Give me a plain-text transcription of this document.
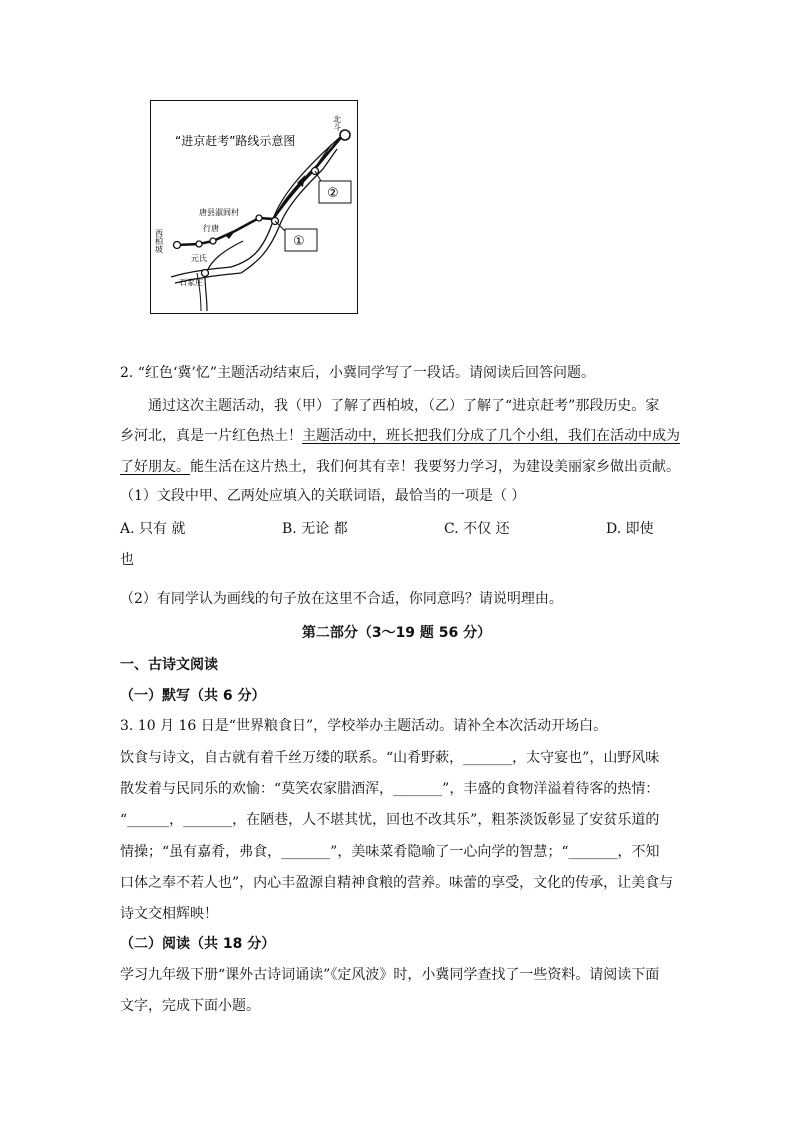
“进京赶考”路线示意图
北斗
西柏坡
元氏
行唐
唐县淑闾村
石家庄
①
②
2. “红色‘冀’忆”主题活动结束后，小冀同学写了一段话。请阅读后回答问题。
通过这次主题活动，我（甲）了解了西柏坡，（乙）了解了“进京赶考”那段历史。家
乡河北，真是一片红色热土！主题活动中，班长把我们分成了几个小组，我们在活动中成为
了好朋友。能生活在这片热土，我们何其有幸！我要努力学习，为建设美丽家乡做出贡献。
（1）文段中甲、乙两处应填入的关联词语，最恰当的一项是（ ）
A. 只有 就	B. 无论 都	C. 不仅 还	D. 即使
也
（2）有同学认为画线的句子放在这里不合适，你同意吗？请说明理由。
第二部分（3～19 题 56 分）
一、古诗文阅读
（一）默写（共 6 分）
3. 10 月 16 日是“世界粮食日”，学校举办主题活动。请补全本次活动开场白。
饮食与诗文，自古就有着千丝万缕的联系。“山肴野蔌，_______，太守宴也”，山野风味
散发着与民同乐的欢愉：“莫笑农家腊酒浑，_______”，丰盛的食物洋溢着待客的热情：
“______，_______，在陋巷，人不堪其忧，回也不改其乐”，粗茶淡饭彰显了安贫乐道的
情操；“虽有嘉肴，弗食，_______”，美味菜肴隐喻了一心向学的智慧；“_______，不知
口体之奉不若人也”，内心丰盈源自精神食粮的营养。味蕾的享受，文化的传承，让美食与
诗文交相辉映！
（二）阅读（共 18 分）
学习九年级下册“课外古诗词诵读”《定风波》时，小冀同学查找了一些资料。请阅读下面
文字，完成下面小题。
